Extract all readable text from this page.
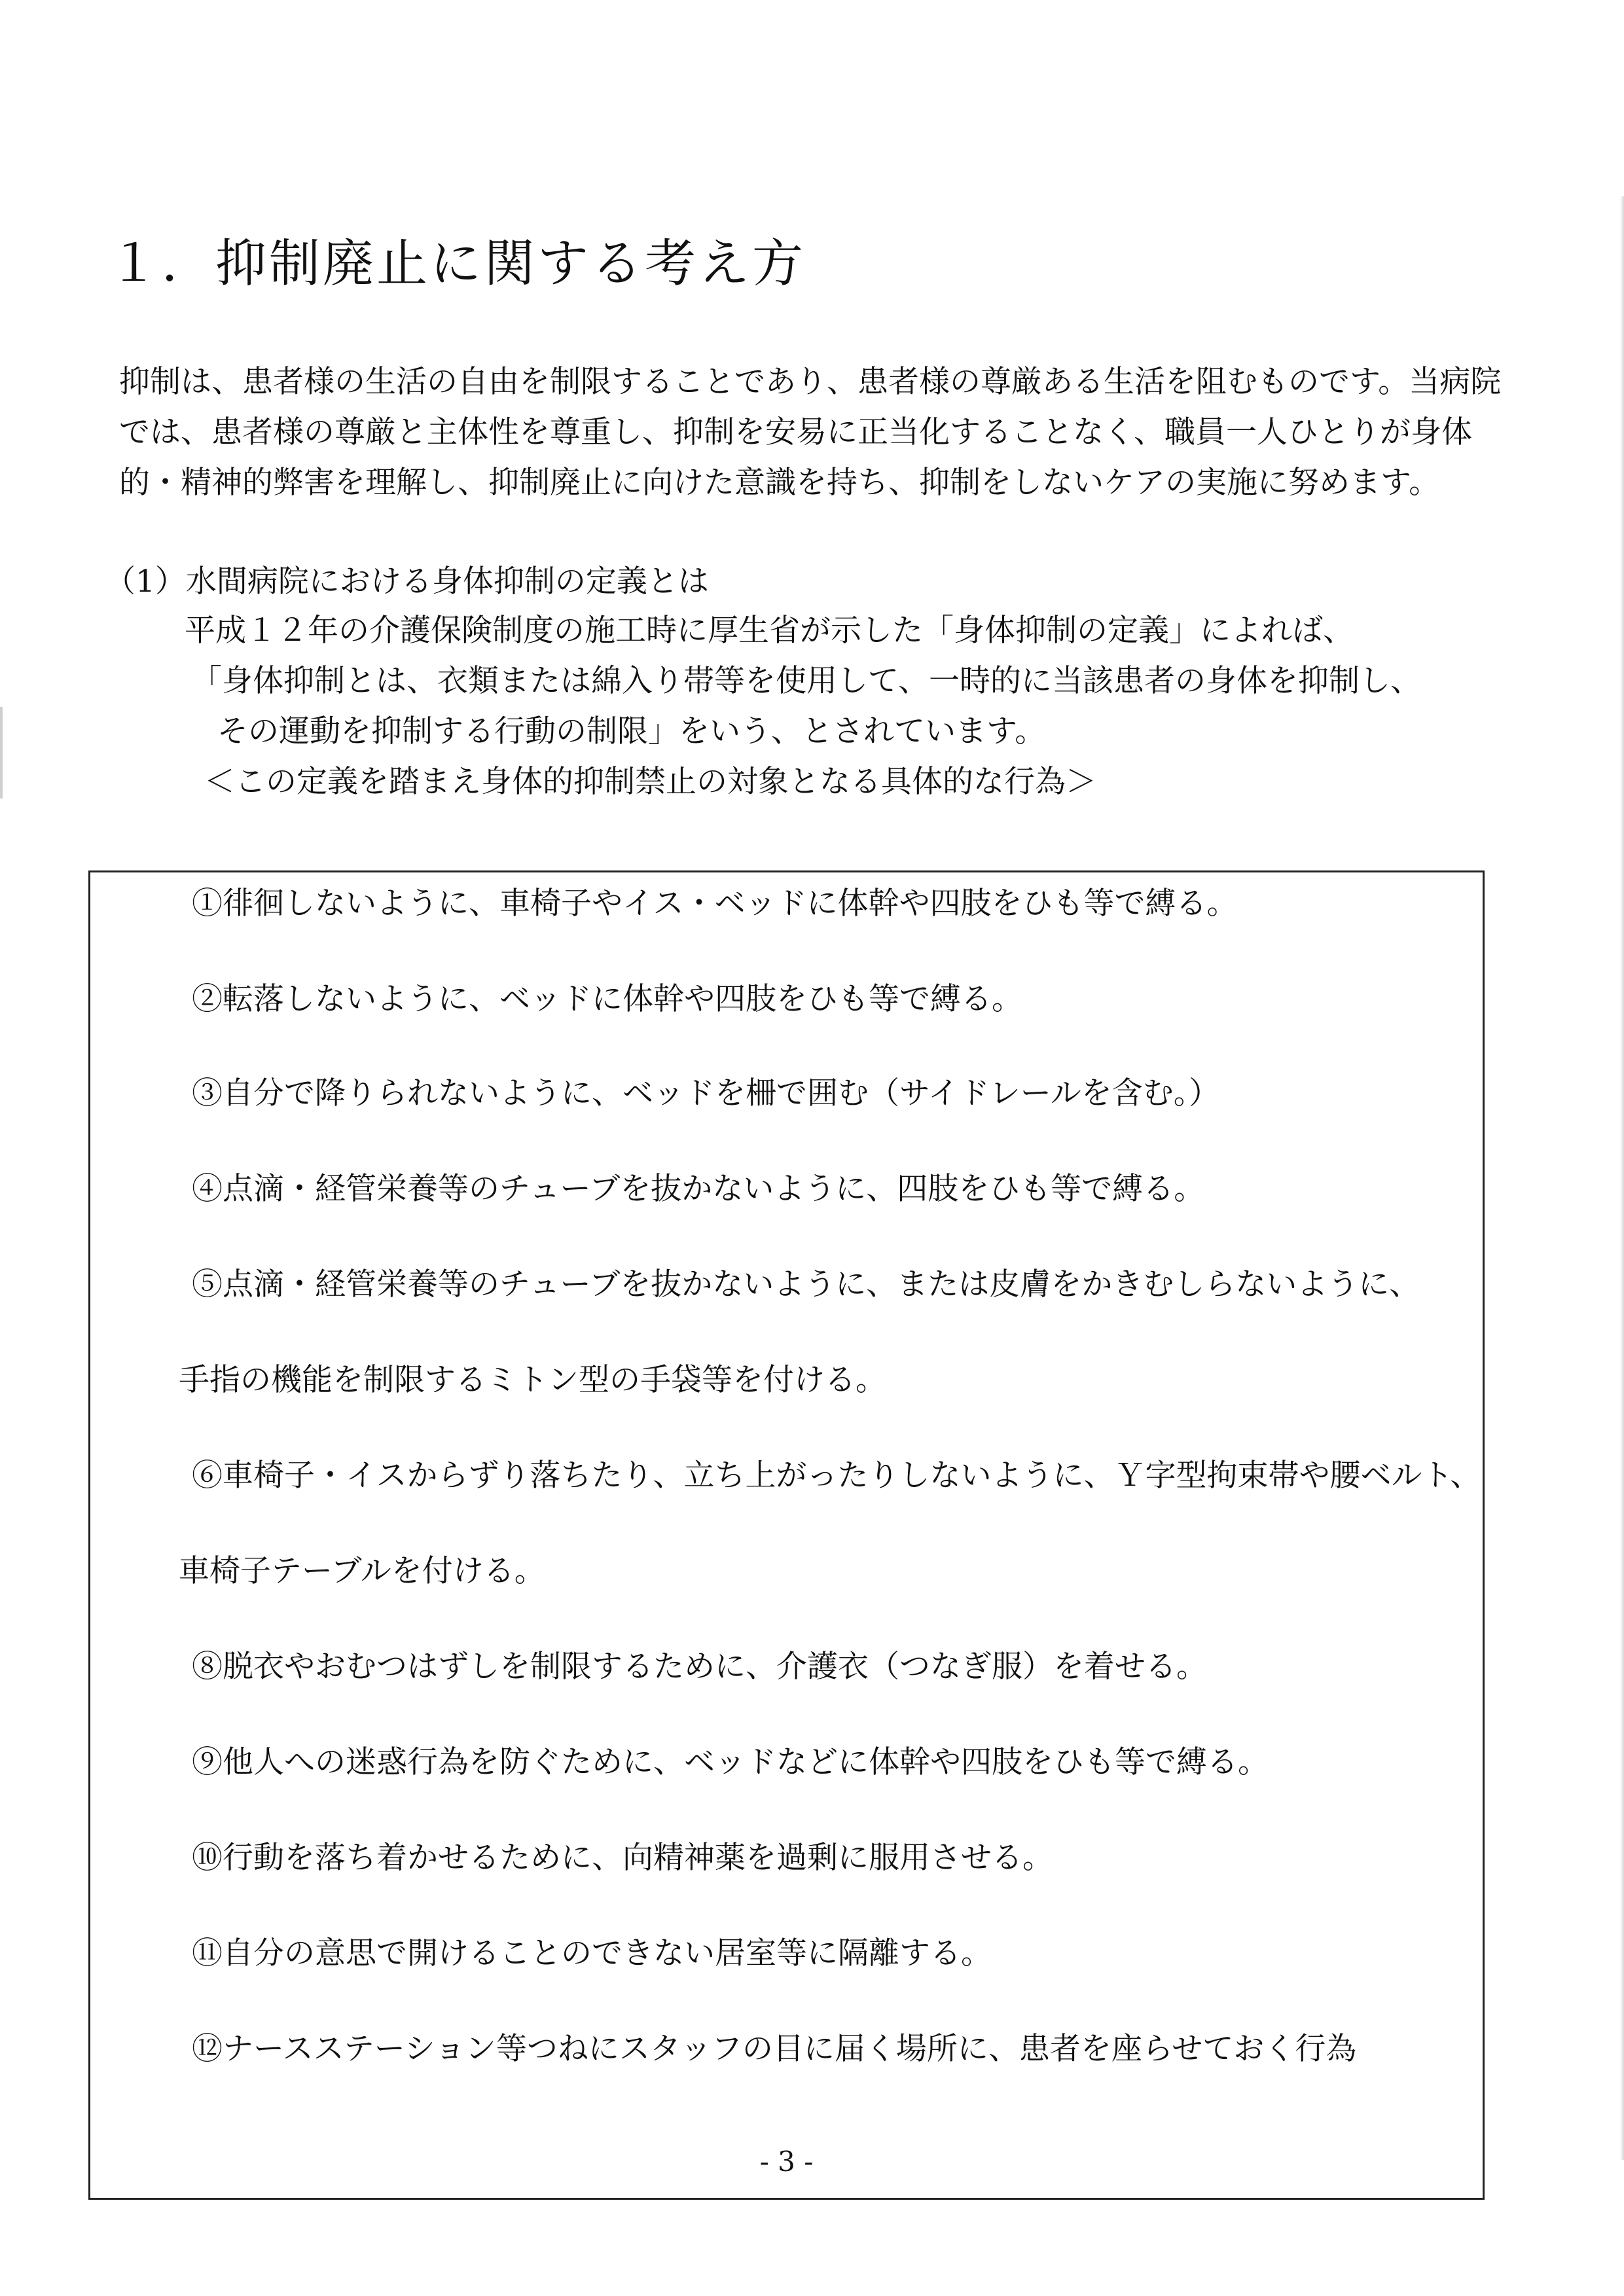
１．抑制廃止に関する考え方

抑制は、患者様の生活の自由を制限することであり、患者様の尊厳ある生活を阻むものです。当病院では、患者様の尊厳と主体性を尊重し、抑制を安易に正当化することなく、職員一人ひとりが身体的・精神的弊害を理解し、抑制廃止に向けた意識を持ち、抑制をしないケアの実施に努めます。

（1）水間病院における身体抑制の定義とは

平成１２年の介護保険制度の施工時に厚生省が示した「身体抑制の定義」によれば、
「身体抑制とは、衣類または綿入り帯等を使用して、一時的に当該患者の身体を抑制し、
その運動を抑制する行動の制限」をいう、とされています。
＜この定義を踏まえ身体的抑制禁止の対象となる具体的な行為＞
①徘徊しないように、車椅子やイス・ベッドに体幹や四肢をひも等で縛る。
②転落しないように、ベッドに体幹や四肢をひも等で縛る。
③自分で降りられないように、ベッドを柵で囲む（サイドレールを含む。）
④点滴・経管栄養等のチューブを抜かないように、四肢をひも等で縛る。
⑤点滴・経管栄養等のチューブを抜かないように、または皮膚をかきむしらないように、
手指の機能を制限するミトン型の手袋等を付ける。
⑥車椅子・イスからずり落ちたり、立ち上がったりしないように、Ｙ字型拘束帯や腰ベルト、
車椅子テーブルを付ける。
⑧脱衣やおむつはずしを制限するために、介護衣（つなぎ服）を着せる。
⑨他人への迷惑行為を防ぐために、ベッドなどに体幹や四肢をひも等で縛る。
⑩行動を落ち着かせるために、向精神薬を過剰に服用させる。
⑪自分の意思で開けることのできない居室等に隔離する。
⑫ナースステーション等つねにスタッフの目に届く場所に、患者を座らせておく行為
- 3 -
